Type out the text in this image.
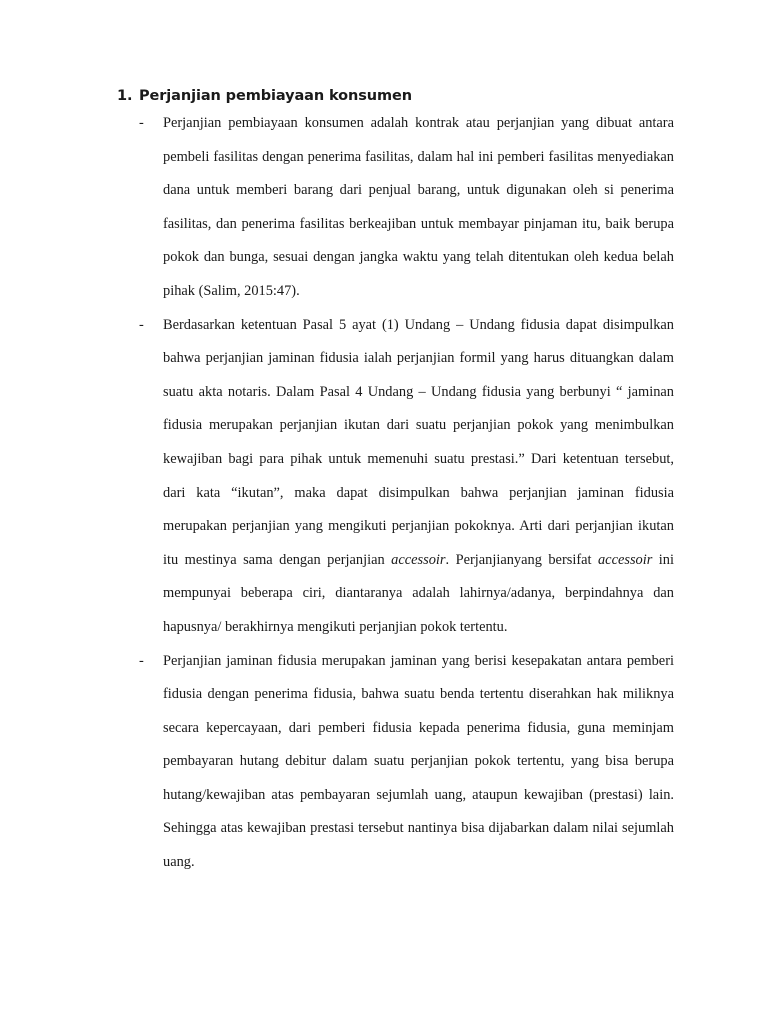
1. Perjanjian pembiayaan konsumen
- Perjanjian pembiayaan konsumen adalah kontrak atau perjanjian yang dibuat antara pembeli fasilitas dengan penerima fasilitas, dalam hal ini pemberi fasilitas menyediakan dana untuk memberi barang dari penjual barang, untuk digunakan oleh si penerima fasilitas, dan penerima fasilitas berkeajiban untuk membayar pinjaman itu, baik berupa pokok dan bunga, sesuai dengan jangka waktu yang telah ditentukan oleh kedua belah pihak (Salim, 2015:47).

- Berdasarkan ketentuan Pasal 5 ayat (1) Undang – Undang fidusia dapat disimpulkan bahwa perjanjian jaminan fidusia ialah perjanjian formil yang harus dituangkan dalam suatu akta notaris. Dalam Pasal 4 Undang – Undang fidusia yang berbunyi “ jaminan fidusia merupakan perjanjian ikutan dari suatu perjanjian pokok yang menimbulkan kewajiban bagi para pihak untuk memenuhi suatu prestasi.” Dari ketentuan tersebut, dari kata “ikutan”, maka dapat disimpulkan bahwa perjanjian jaminan fidusia merupakan perjanjian yang mengikuti perjanjian pokoknya. Arti dari perjanjian ikutan itu mestinya sama dengan perjanjian accessoir. Perjanjianyang bersifat accessoir ini mempunyai beberapa ciri, diantaranya adalah lahirnya/adanya, berpindahnya dan hapusnya/ berakhirnya mengikuti perjanjian pokok tertentu.

- Perjanjian jaminan fidusia merupakan jaminan yang berisi kesepakatan antara pemberi fidusia dengan penerima fidusia, bahwa suatu benda tertentu diserahkan hak miliknya secara kepercayaan, dari pemberi fidusia kepada penerima fidusia, guna meminjam pembayaran hutang debitur dalam suatu perjanjian pokok tertentu, yang bisa berupa hutang/kewajiban atas pembayaran sejumlah uang, ataupun kewajiban (prestasi) lain. Sehingga atas kewajiban prestasi tersebut nantinya bisa dijabarkan dalam nilai sejumlah uang.
